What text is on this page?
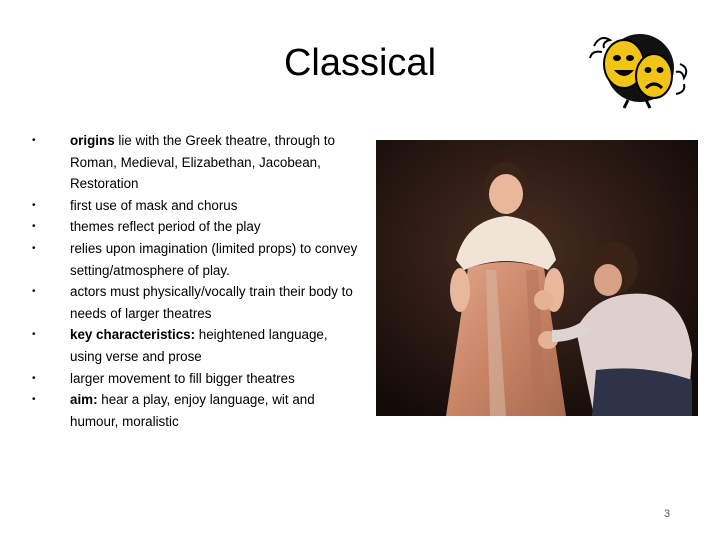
Classical
•	origins lie with the Greek theatre, through to Roman, Medieval, Elizabethan, Jacobean, Restoration
•	first use of mask and chorus
•	themes reflect period of the play
•	relies upon imagination (limited props) to convey setting/atmosphere of play.
•	actors must physically/vocally train their body to needs of larger theatres
•	key characteristics: heightened language, using verse and prose
•	larger movement to fill bigger theatres
•	aim: hear a play, enjoy language, wit and humour, moralistic
3
